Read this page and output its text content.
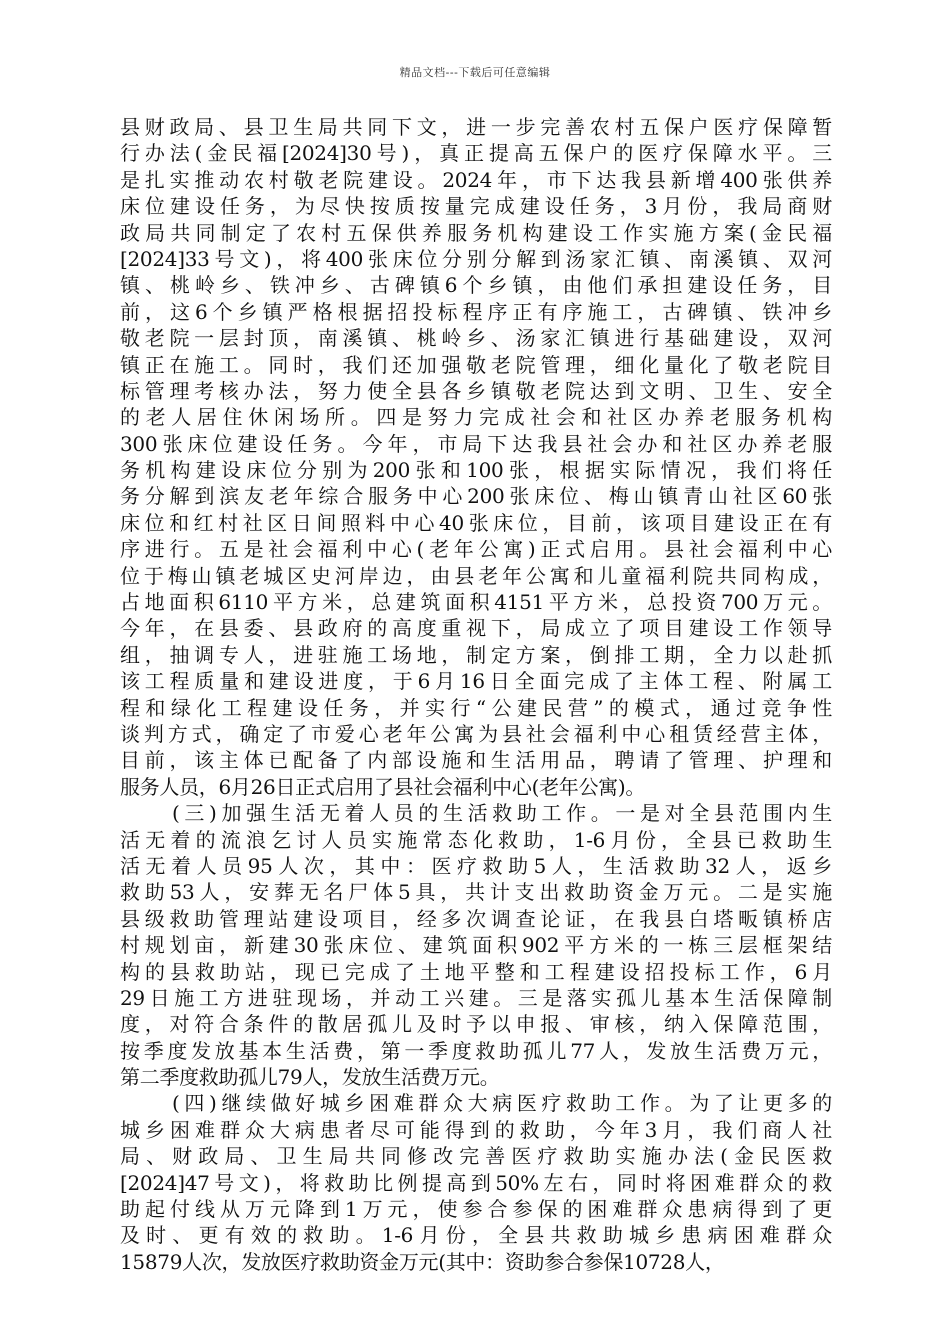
精品文档---下载后可任意编辑
县财政局、县卫生局共同下文，进一步完善农村五保户医疗保障暂
行办法(金民福[2024]30号)，真正提高五保户的医疗保障水平。三
是扎实推动农村敬老院建设。2024年，市下达我县新增400张供养
床位建设任务，为尽快按质按量完成建设任务，3月份，我局商财
政局共同制定了农村五保供养服务机构建设工作实施方案(金民福
[2024]33号文)，将400张床位分别分解到汤家汇镇、南溪镇、双河
镇、桃岭乡、铁冲乡、古碑镇6个乡镇，由他们承担建设任务，目
前，这6个乡镇严格根据招投标程序正有序施工，古碑镇、铁冲乡
敬老院一层封顶，南溪镇、桃岭乡、汤家汇镇进行基础建设，双河
镇正在施工。同时，我们还加强敬老院管理，细化量化了敬老院目
标管理考核办法，努力使全县各乡镇敬老院达到文明、卫生、安全
的老人居住休闲场所。四是努力完成社会和社区办养老服务机构
300张床位建设任务。今年，市局下达我县社会办和社区办养老服
务机构建设床位分别为200张和100张，根据实际情况，我们将任
务分解到滨友老年综合服务中心200张床位、梅山镇青山社区60张
床位和红村社区日间照料中心40张床位，目前，该项目建设正在有
序进行。五是社会福利中心(老年公寓)正式启用。县社会福利中心
位于梅山镇老城区史河岸边，由县老年公寓和儿童福利院共同构成，
占地面积6110平方米，总建筑面积4151平方米，总投资700万元。
今年，在县委、县政府的高度重视下，局成立了项目建设工作领导
组，抽调专人，进驻施工场地，制定方案，倒排工期，全力以赴抓
该工程质量和建设进度，于6月16日全面完成了主体工程、附属工
程和绿化工程建设任务，并实行“公建民营”的模式，通过竞争性
谈判方式，确定了市爱心老年公寓为县社会福利中心租赁经营主体，
目前，该主体已配备了内部设施和生活用品，聘请了管理、护理和
服务人员，6月26日正式启用了县社会福利中心(老年公寓)。
(三)加强生活无着人员的生活救助工作。一是对全县范围内生
活无着的流浪乞讨人员实施常态化救助，1-6月份，全县已救助生
活无着人员95人次，其中：医疗救助5人，生活救助32人，返乡
救助53人，安葬无名尸体5具，共计支出救助资金万元。二是实施
县级救助管理站建设项目，经多次调查论证，在我县白塔畈镇桥店
村规划亩，新建30张床位、建筑面积902平方米的一栋三层框架结
构的县救助站，现已完成了土地平整和工程建设招投标工作，6月
29日施工方进驻现场，并动工兴建。三是落实孤儿基本生活保障制
度，对符合条件的散居孤儿及时予以申报、审核，纳入保障范围，
按季度发放基本生活费，第一季度救助孤儿77人，发放生活费万元，
第二季度救助孤儿79人，发放生活费万元。
(四)继续做好城乡困难群众大病医疗救助工作。为了让更多的
城乡困难群众大病患者尽可能得到的救助，今年3月，我们商人社
局、财政局、卫生局共同修改完善医疗救助实施办法(金民医救
[2024]47号文)，将救助比例提高到50%左右，同时将困难群众的救
助起付线从万元降到1万元，使参合参保的困难群众患病得到了更
及时、更有效的救助。1-6月份，全县共救助城乡患病困难群众
15879人次，发放医疗救助资金万元(其中：资助参合参保10728人，
